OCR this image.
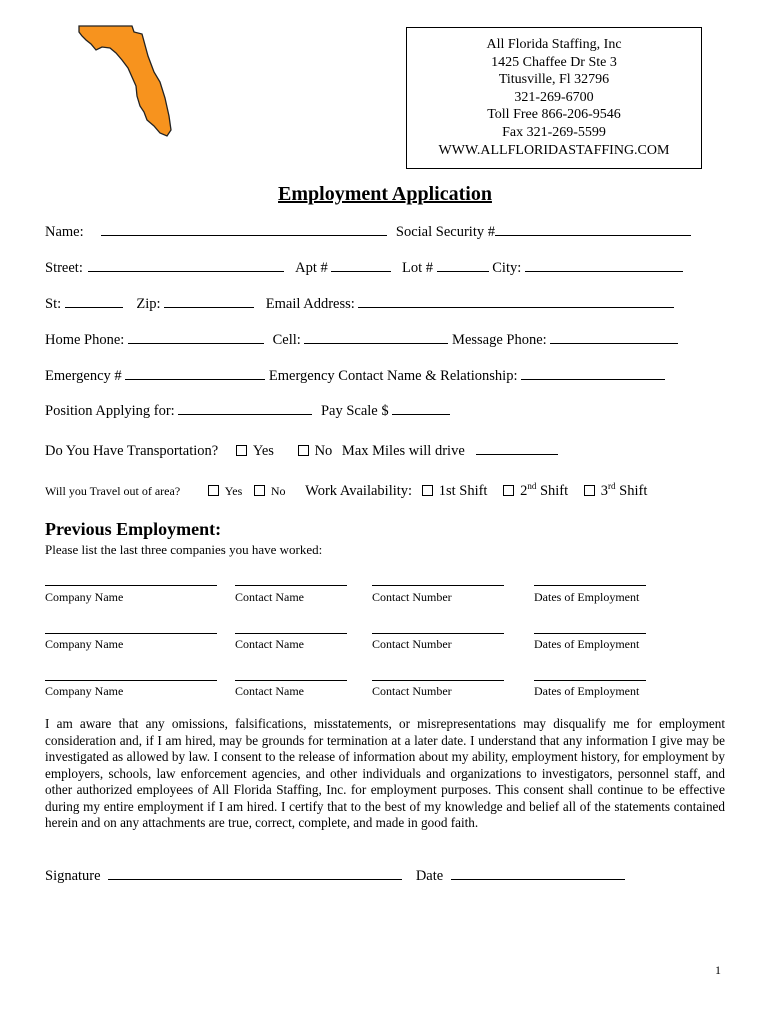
All Florida Staffing, Inc
1425 Chaffee Dr Ste 3
Titusville, Fl 32796
321-269-6700
Toll Free 866-206-9546
Fax 321-269-5599
WWW.ALLFLORIDASTAFFING.COM
Employment Application
Name:	Social Security #
Street:	Apt #	Lot #	City:
St:	Zip:	Email Address:
Home Phone:	Cell:	Message Phone:
Emergency #	Emergency Contact Name & Relationship:
Position Applying for:	Pay Scale $
Do You Have Transportation? Yes	No Max Miles will drive
Will you Travel out of area?	Yes No Work Availability: 1st Shift 2nd Shift 3rd Shift
Previous Employment:
Please list the last three companies you have worked:
Company Name	Contact Name	Contact Number	Dates of Employment
Company Name	Contact Name	Contact Number	Dates of Employment
Company Name	Contact Name	Contact Number	Dates of Employment
I am aware that any omissions, falsifications, misstatements, or misrepresentations may disqualify me for employment consideration and, if I am hired, may be grounds for termination at a later date. I understand that any information I give may be investigated as allowed by law. I consent to the release of information about my ability, employment history, for employment by employers, schools, law enforcement agencies, and other individuals and organizations to investigators, personnel staff, and other authorized employees of All Florida Staffing, Inc. for employment purposes. This consent shall continue to be effective during my entire employment if I am hired. I certify that to the best of my knowledge and belief all of the statements contained herein and on any attachments are true, correct, complete, and made in good faith.
Signature	Date
1
